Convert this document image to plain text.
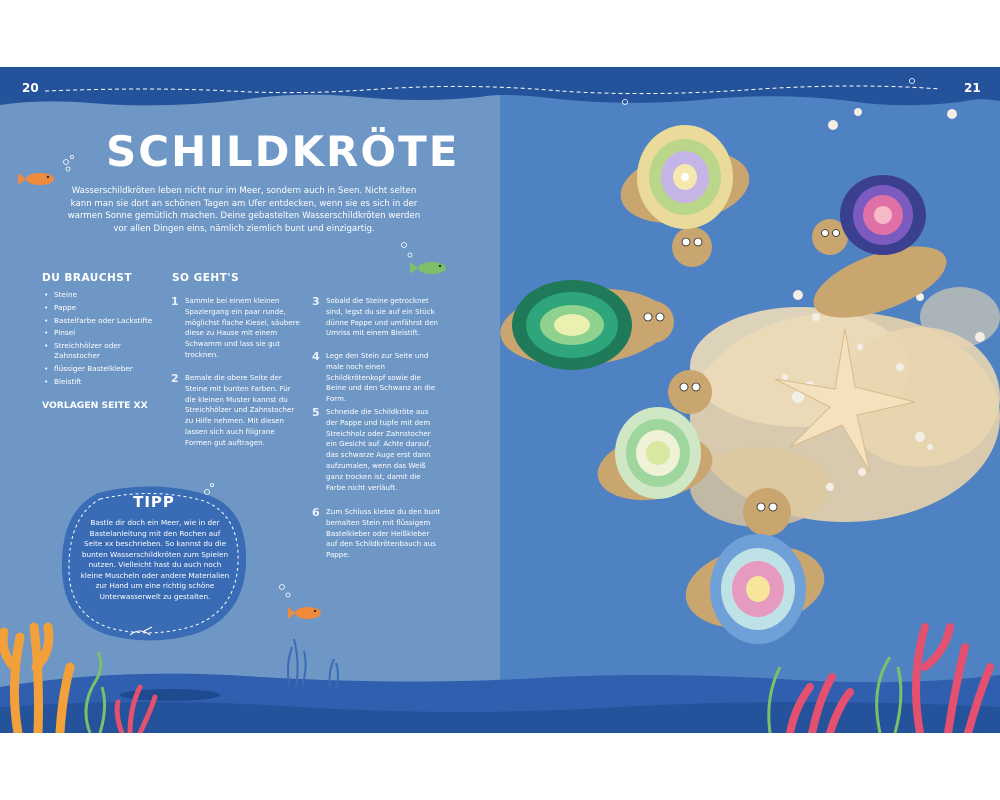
20	21
SCHILDKRÖTE

Wasserschildkröten leben nicht nur im Meer, sondern auch in Seen. Nicht selten kann man sie dort an schönen Tagen am Ufer entdecken, wenn sie es sich in der warmen Sonne gemütlich machen. Deine gebastelten Wasserschildkröten werden vor allen Dingen eins, nämlich ziemlich bunt und einzigartig.

DU BRAUCHST
• Steine
• Pappe
• Bastelfarbe oder Lackstifte
• Pinsel
• Streichhölzer oder Zahnstocher
• flüssiger Bastelkleber
• Bleistift
VORLAGEN SEITE XX
SO GEHT'S
1 Sammle bei einem kleinen Spaziergang ein paar runde, möglichst flache Kiesel, säubere diese zu Hause mit einem Schwamm und lass sie gut trocknen.
2 Bemale die obere Seite der Steine mit bunten Farben. Für die kleinen Muster kannst du Streichhölzer und Zahnstocher zu Hilfe nehmen. Mit diesen lassen sich auch filigrane Formen gut auftragen.
3 Sobald die Steine getrocknet sind, legst du sie auf ein Stück dünne Pappe und umfährst den Umriss mit einem Bleistift.
4 Lege den Stein zur Seite und male noch einen Schildkrötenkopf sowie die Beine und den Schwanz an die Form.
5 Schneide die Schildkröte aus der Pappe und tupfe mit dem Streichholz oder Zahnstocher ein Gesicht auf. Achte darauf, das schwarze Auge erst dann aufzumalen, wenn das Weiß ganz trocken ist, damit die Farbe nicht verläuft.
6 Zum Schluss klebst du den bunt bemalten Stein mit flüssigem Bastelkleber oder Heißkleber auf den Schildkrötenbauch aus Pappe.
TIPP

Bastle dir doch ein Meer, wie in der Bastelanleitung mit den Rochen auf Seite xx beschrieben. So kannst du die bunten Wasserschildkröten zum Spielen nutzen. Vielleicht hast du auch noch kleine Muscheln oder andere Materialien zur Hand um eine richtig schöne Unterwasserwelt zu gestalten.
